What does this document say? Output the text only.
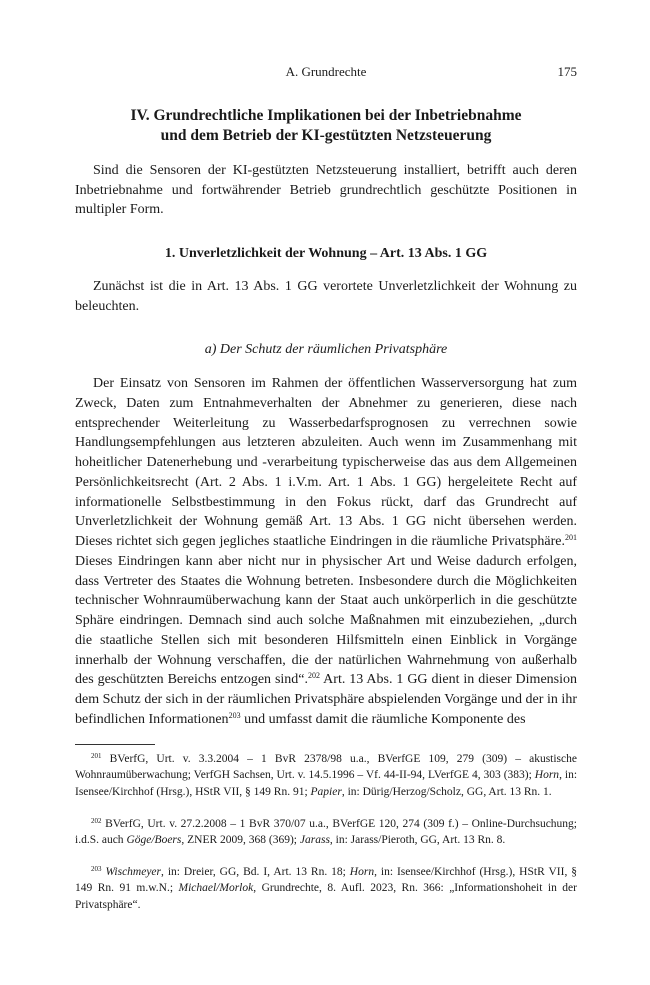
A. Grundrechte	175
IV. Grundrechtliche Implikationen bei der Inbetriebnahme
und dem Betrieb der KI-gestützten Netzsteuerung

Sind die Sensoren der KI-gestützten Netzsteuerung installiert, betrifft auch deren Inbetriebnahme und fortwährender Betrieb grundrechtlich geschützte Positionen in multipler Form.

1. Unverletzlichkeit der Wohnung – Art. 13 Abs. 1 GG

Zunächst ist die in Art. 13 Abs. 1 GG verortete Unverletzlichkeit der Wohnung zu beleuchten.

a) Der Schutz der räumlichen Privatsphäre

Der Einsatz von Sensoren im Rahmen der öffentlichen Wasserversorgung hat zum Zweck, Daten zum Entnahmeverhalten der Abnehmer zu generieren, diese nach entsprechender Weiterleitung zu Wasserbedarfsprognosen zu verrechnen sowie Handlungsempfehlungen aus letzteren abzuleiten. Auch wenn im Zusammenhang mit hoheitlicher Datenerhebung und -verarbeitung typischerweise das aus dem Allgemeinen Persönlichkeitsrecht (Art. 2 Abs. 1 i.V.m. Art. 1 Abs. 1 GG) hergeleitete Recht auf informationelle Selbstbestimmung in den Fokus rückt, darf das Grundrecht auf Unverletzlichkeit der Wohnung gemäß Art. 13 Abs. 1 GG nicht übersehen werden. Dieses richtet sich gegen jegliches staatliche Eindringen in die räumliche Privatsphäre.$^{201}$ Dieses Eindringen kann aber nicht nur in physischer Art und Weise dadurch erfolgen, dass Vertreter des Staates die Wohnung betreten. Insbesondere durch die Möglichkeiten technischer Wohnraumüberwachung kann der Staat auch unkörperlich in die geschützte Sphäre eindringen. Demnach sind auch solche Maßnahmen mit einzubeziehen, „durch die staatliche Stellen sich mit besonderen Hilfsmitteln einen Einblick in Vorgänge innerhalb der Wohnung verschaffen, die der natürlichen Wahrnehmung von außerhalb des geschützten Bereichs entzogen sind“.$^{202}$ Art. 13 Abs. 1 GG dient in dieser Dimension dem Schutz der sich in der räumlichen Privatsphäre abspielenden Vorgänge und der in ihr befindlichen Informationen$^{203}$ und umfasst damit die räumliche Komponente des

$^{201}$ BVerfG, Urt. v. 3.3.2004 – 1 BvR 2378/98 u.a., BVerfGE 109, 279 (309) – akustische Wohnraumüberwachung; VerfGH Sachsen, Urt. v. 14.5.1996 – Vf. 44-II-94, LVerfGE 4, 303 (383); Horn, in: Isensee/Kirchhof (Hrsg.), HStR VII, § 149 Rn. 91; Papier, in: Dürig/Herzog/Scholz, GG, Art. 13 Rn. 1.

$^{202}$ BVerfG, Urt. v. 27.2.2008 – 1 BvR 370/07 u.a., BVerfGE 120, 274 (309 f.) – Online-Durchsuchung; i.d.S. auch Göge/Boers, ZNER 2009, 368 (369); Jarass, in: Jarass/Pieroth, GG, Art. 13 Rn. 8.

$^{203}$ Wischmeyer, in: Dreier, GG, Bd. I, Art. 13 Rn. 18; Horn, in: Isensee/Kirchhof (Hrsg.), HStR VII, § 149 Rn. 91 m.w.N.; Michael/Morlok, Grundrechte, 8. Aufl. 2023, Rn. 366: „Informationshoheit in der Privatsphäre“.
